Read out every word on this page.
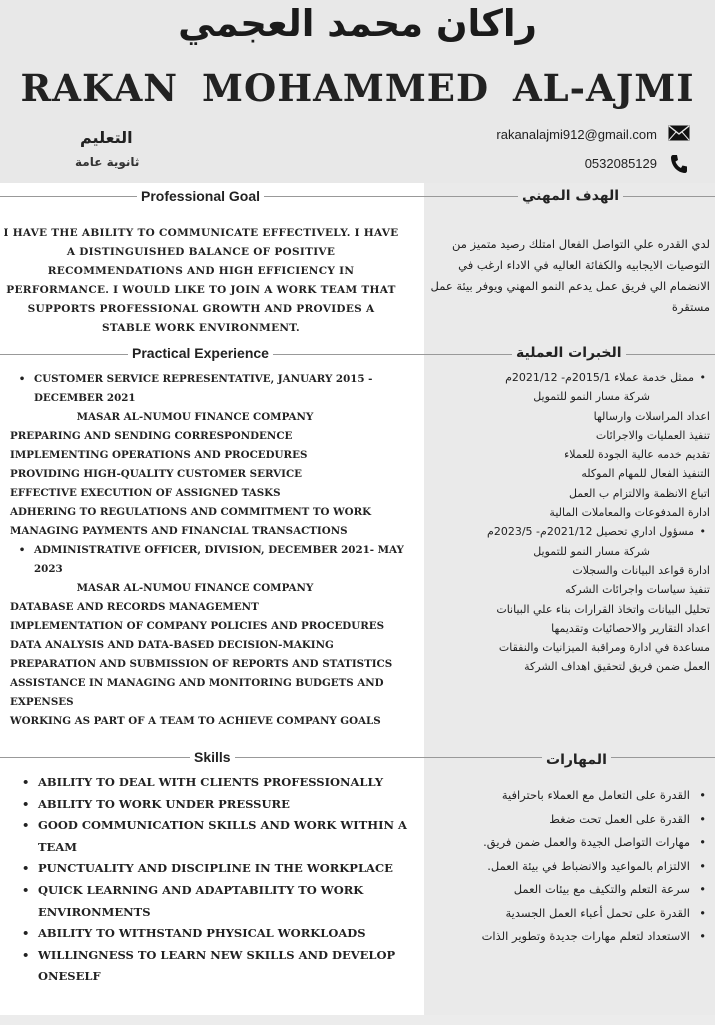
راكان محمد العجمي
RAKAN MOHAMMED AL-AJMI
التعليم
ثانوية عامة
rakanalajmi912@gmail.com
0532085129
Professional Goal	الهدف المهني
I HAVE THE ABILITY TO COMMUNICATE EFFECTIVELY. I HAVE A DISTINGUISHED BALANCE OF POSITIVE RECOMMENDATIONS AND HIGH EFFICIENCY IN PERFORMANCE. I WOULD LIKE TO JOIN A WORK TEAM THAT SUPPORTS PROFESSIONAL GROWTH AND PROVIDES A STABLE WORK ENVIRONMENT.
لدي القدره علي التواصل الفعال امتلك رصيد متميز من التوصيات الايجابيه والكفائة العاليه في الاداء ارغب في الانضمام الي فريق عمل يدعم النمو المهني ويوفر بيئة عمل مستقرة
Practical Experience	الخبرات العملية
• CUSTOMER SERVICE REPRESENTATIVE, JANUARY 2015 - DECEMBER 2021
MASAR AL-NUMOU FINANCE COMPANY
PREPARING AND SENDING CORRESPONDENCE
IMPLEMENTING OPERATIONS AND PROCEDURES
PROVIDING HIGH-QUALITY CUSTOMER SERVICE
EFFECTIVE EXECUTION OF ASSIGNED TASKS
ADHERING TO REGULATIONS AND COMMITMENT TO WORK
MANAGING PAYMENTS AND FINANCIAL TRANSACTIONS
• ADMINISTRATIVE OFFICER, DIVISION, DECEMBER 2021- MAY 2023
MASAR AL-NUMOU FINANCE COMPANY
DATABASE AND RECORDS MANAGEMENT
IMPLEMENTATION OF COMPANY POLICIES AND PROCEDURES
DATA ANALYSIS AND DATA-BASED DECISION-MAKING
PREPARATION AND SUBMISSION OF REPORTS AND STATISTICS
ASSISTANCE IN MANAGING AND MONITORING BUDGETS AND EXPENSES
WORKING AS PART OF A TEAM TO ACHIEVE COMPANY GOALS
• ممثل خدمة عملاء 2015/1م- 2021/12م
شركة مسار النمو للتمويل
اعداد المراسلات وارسالها
تنفيذ العمليات والاجرائات
تقديم خدمه عالية الجودة للعملاء
التنفيذ الفعال للمهام الموكله
اتباع الانظمة والالتزام ب العمل
ادارة المدفوعات والمعاملات المالية
• مسؤول اداري تحصيل 2021/12م- 2023/5م
شركة مسار النمو للتمويل
ادارة قواعد البيانات والسجلات
تنفيذ سياسات واجرائات الشركه
تحليل البيانات واتخاذ القرارات بناء علي البيانات
اعداد التقارير والاحصائيات وتقديمها
مساعدة في ادارة ومراقبة الميزانيات والنفقات
العمل ضمن فريق لتحقيق اهداف الشركة
Skills	المهارات
• ABILITY TO DEAL WITH CLIENTS PROFESSIONALLY
• ABILITY TO WORK UNDER PRESSURE
• GOOD COMMUNICATION SKILLS AND WORK WITHIN A TEAM
• PUNCTUALITY AND DISCIPLINE IN THE WORKPLACE
• QUICK LEARNING AND ADAPTABILITY TO WORK ENVIRONMENTS
• ABILITY TO WITHSTAND PHYSICAL WORKLOADS
• WILLINGNESS TO LEARN NEW SKILLS AND DEVELOP ONESELF
• القدرة على التعامل مع العملاء باحترافية
• القدرة على العمل تحت ضغط
• مهارات التواصل الجيدة والعمل ضمن فريق.
• الالتزام بالمواعيد والانضباط في بيئة العمل.
• سرعة التعلم والتكيف مع بيئات العمل
• القدرة على تحمل أعباء العمل الجسدية
• الاستعداد لتعلم مهارات جديدة وتطوير الذات
